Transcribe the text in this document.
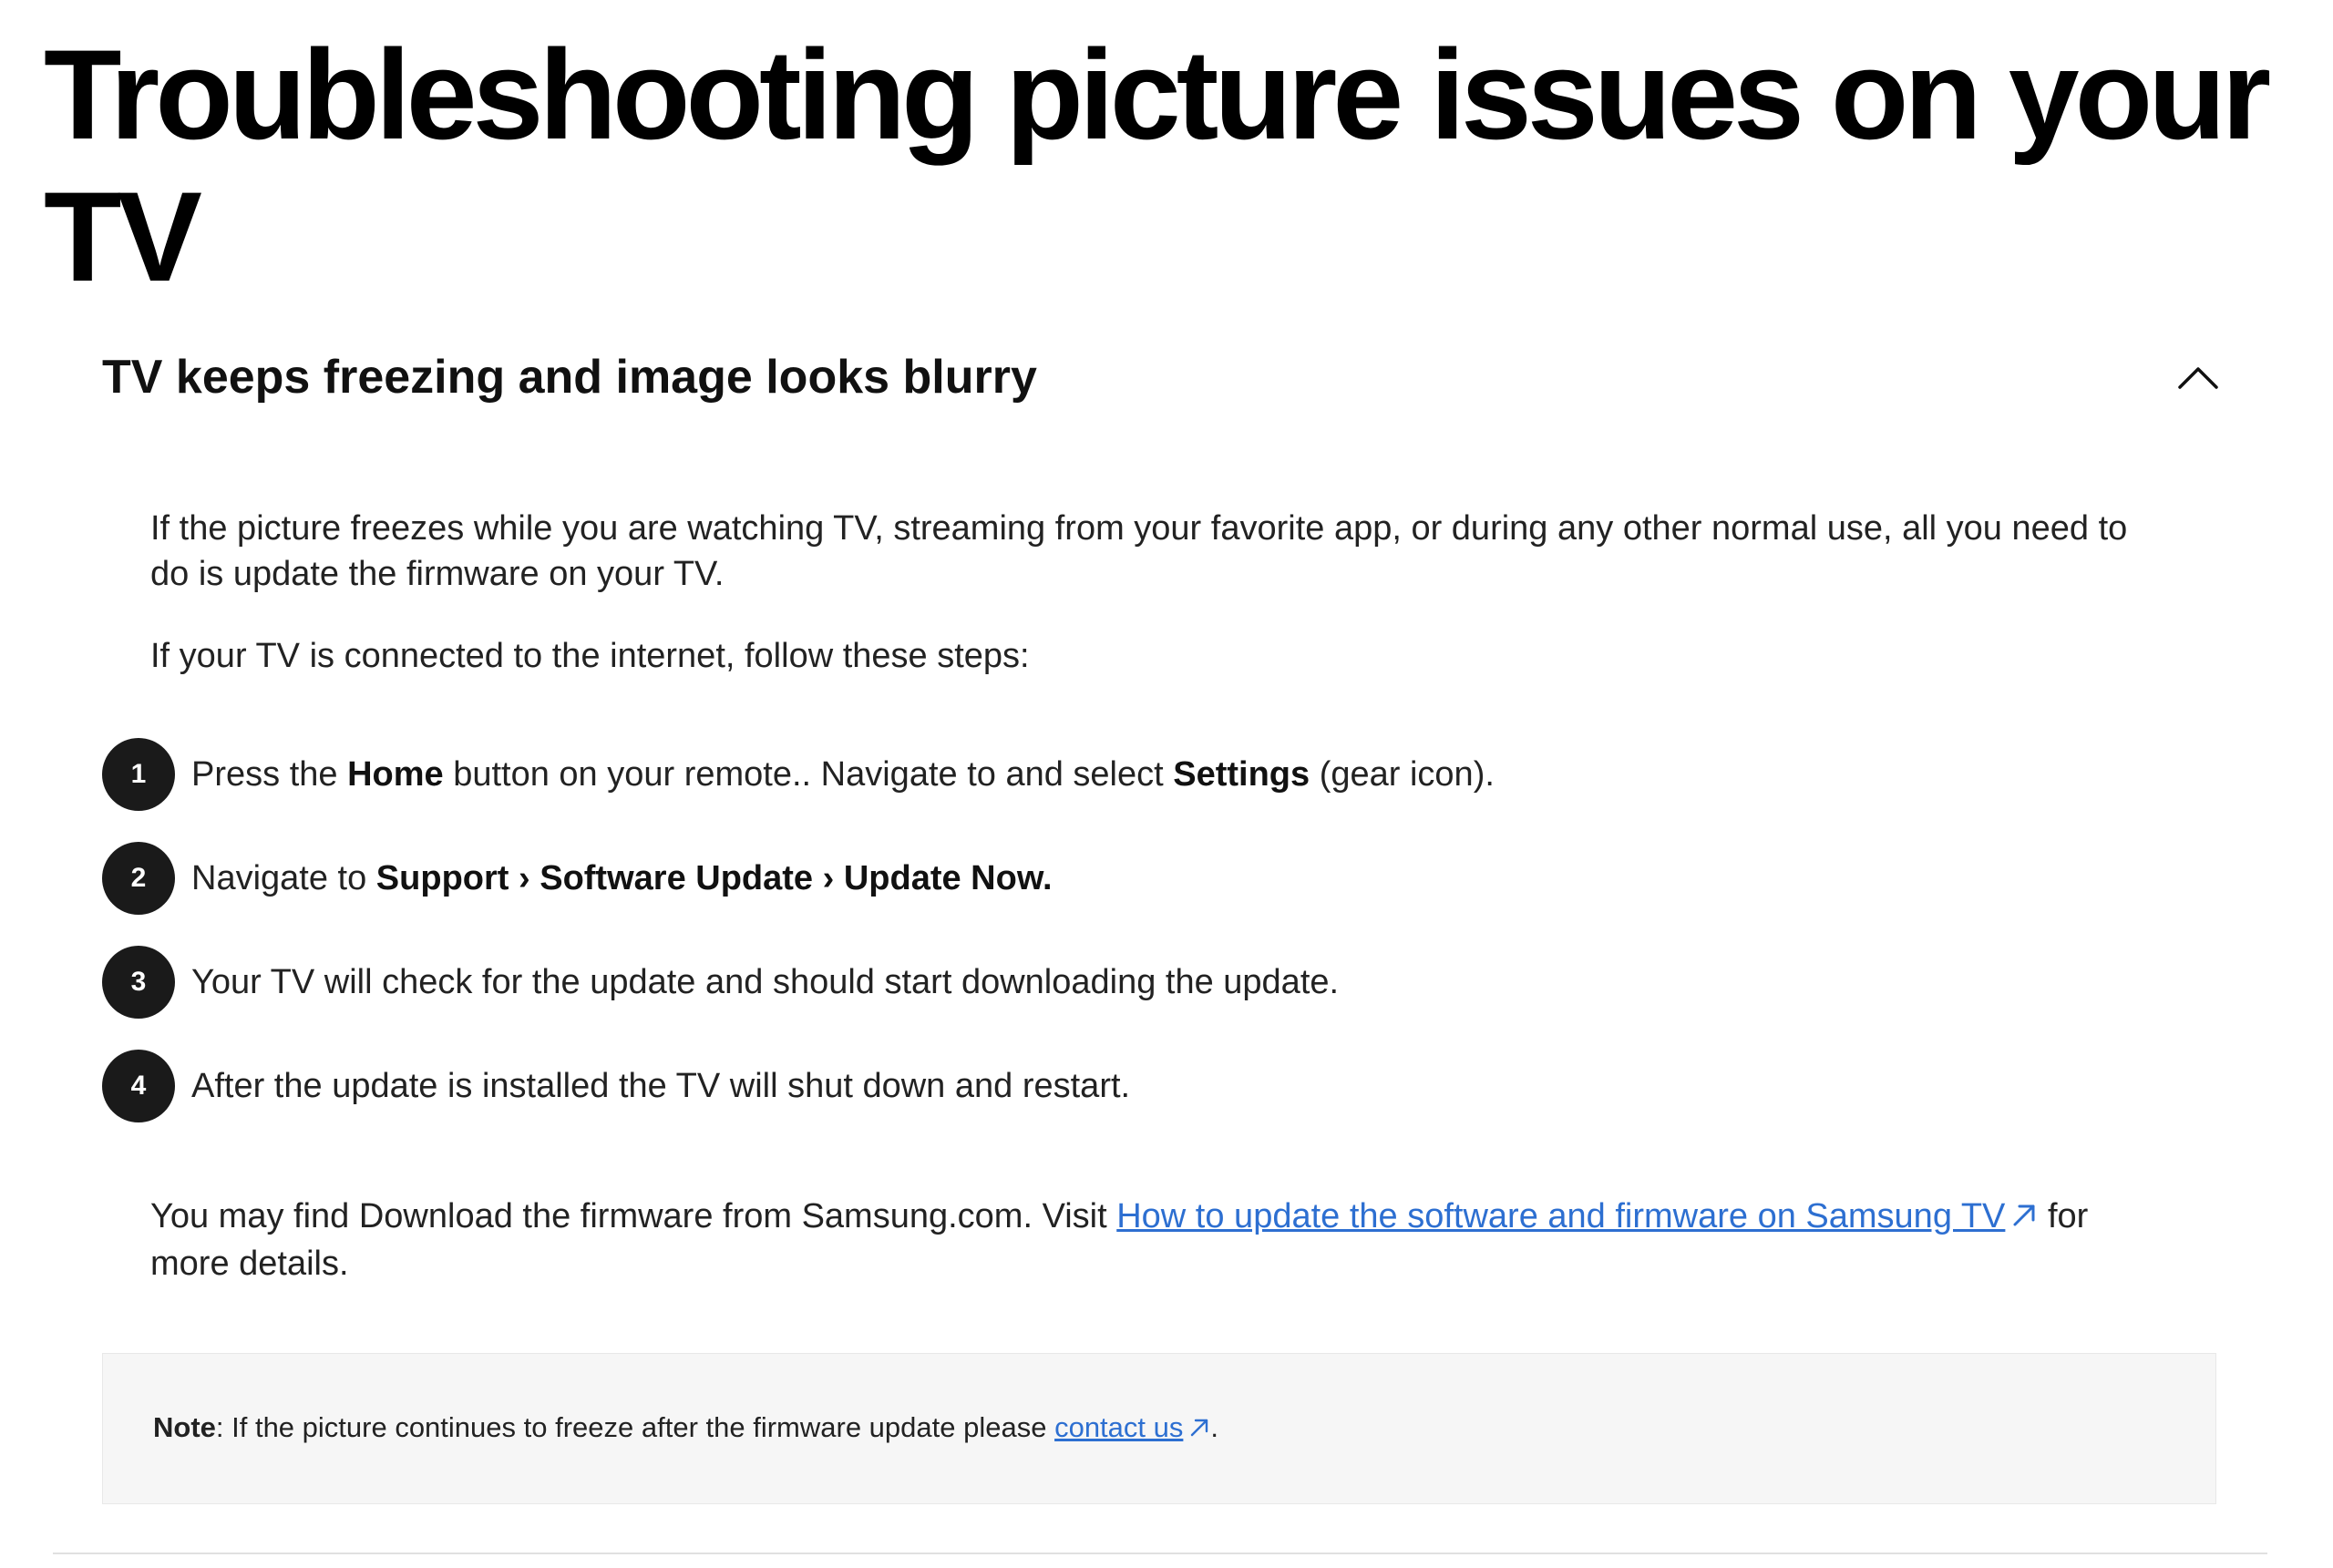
Troubleshooting picture issues on your TV
TV keeps freezing and image looks blurry

If the picture freezes while you are watching TV, streaming from your favorite app, or during any other normal use, all you need to do is update the firmware on your TV.

If your TV is connected to the internet, follow these steps:

1	Press the Home button on your remote.. Navigate to and select Settings (gear icon).
2	Navigate to Support › Software Update › Update Now.
3	Your TV will check for the update and should start downloading the update.
4	After the update is installed the TV will shut down and restart.

You may find Download the firmware from Samsung.com. Visit How to update the software and firmware on Samsung TV for more details.

Note: If the picture continues to freeze after the firmware update please contact us .
